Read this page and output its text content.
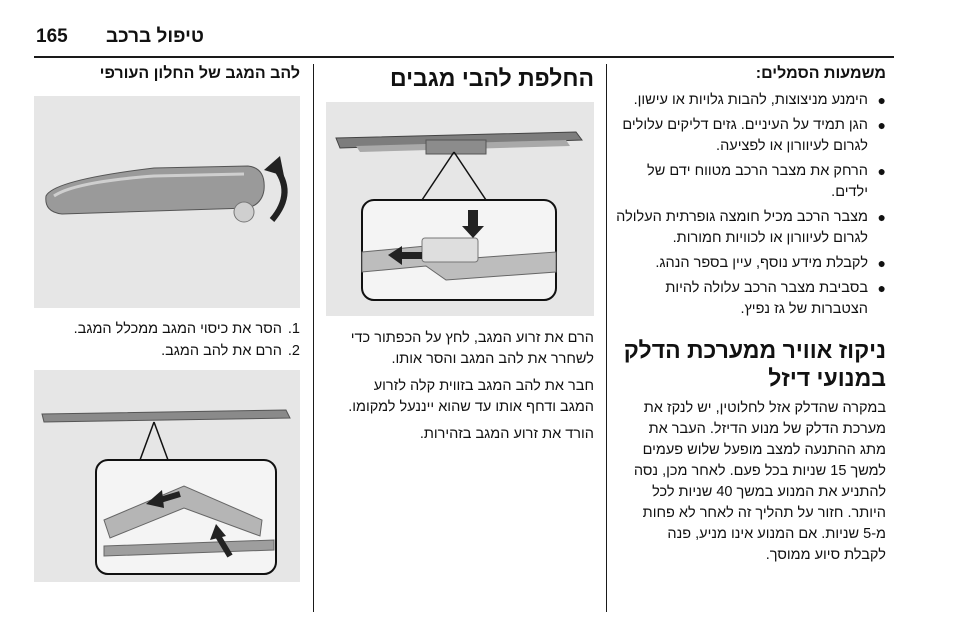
165 טיפול ברכב
משמעות הסמלים:
●
הימנע מניצוצות, להבות גלויות או עישון.
●
הגן תמיד על העיניים. גזים דליקים עלולים לגרום לעיוורון או לפציעה.
●
הרחק את מצבר הרכב מטווח ידם של ילדים.
●
מצבר הרכב מכיל חומצה גופרתית העלולה לגרום לעיוורון או לכוויות חמורות.
●
לקבלת מידע נוסף, עיין בספר הנהג.
●
בסביבת מצבר הרכב עלולה להיות הצטברות של גז נפיץ.
ניקוז אוויר ממערכת הדלק במנועי דיזל

במקרה שהדלק אזל לחלוטין, יש לנקז את

מערכת הדלק של מנוע הדיזל. העבר את

מתג ההתנעה למצב מופעל שלוש פעמים

למשך 15 שניות בכל פעם. לאחר מכן, נסה

להתניע את המנוע במשך 40 שניות לכל

היותר. חזור על תהליך זה לאחר לא פחות

מ-5 שניות. אם המנוע אינו מניע, פנה

לקבלת סיוע ממוסך.

החלפת להבי מגבים

הרם את זרוע המגב, לחץ על הכפתור כדי

לשחרר את להב המגב והסר אותו.

חבר את להב המגב בזווית קלה לזרוע

המגב ודחף אותו עד שהוא ייננעל למקומו.

הורד את זרוע המגב בזהירות.

להב המגב של החלון העורפי
1.
הסר את כיסוי המגב ממכלל המגב.
2.
הרם את להב המגב.
